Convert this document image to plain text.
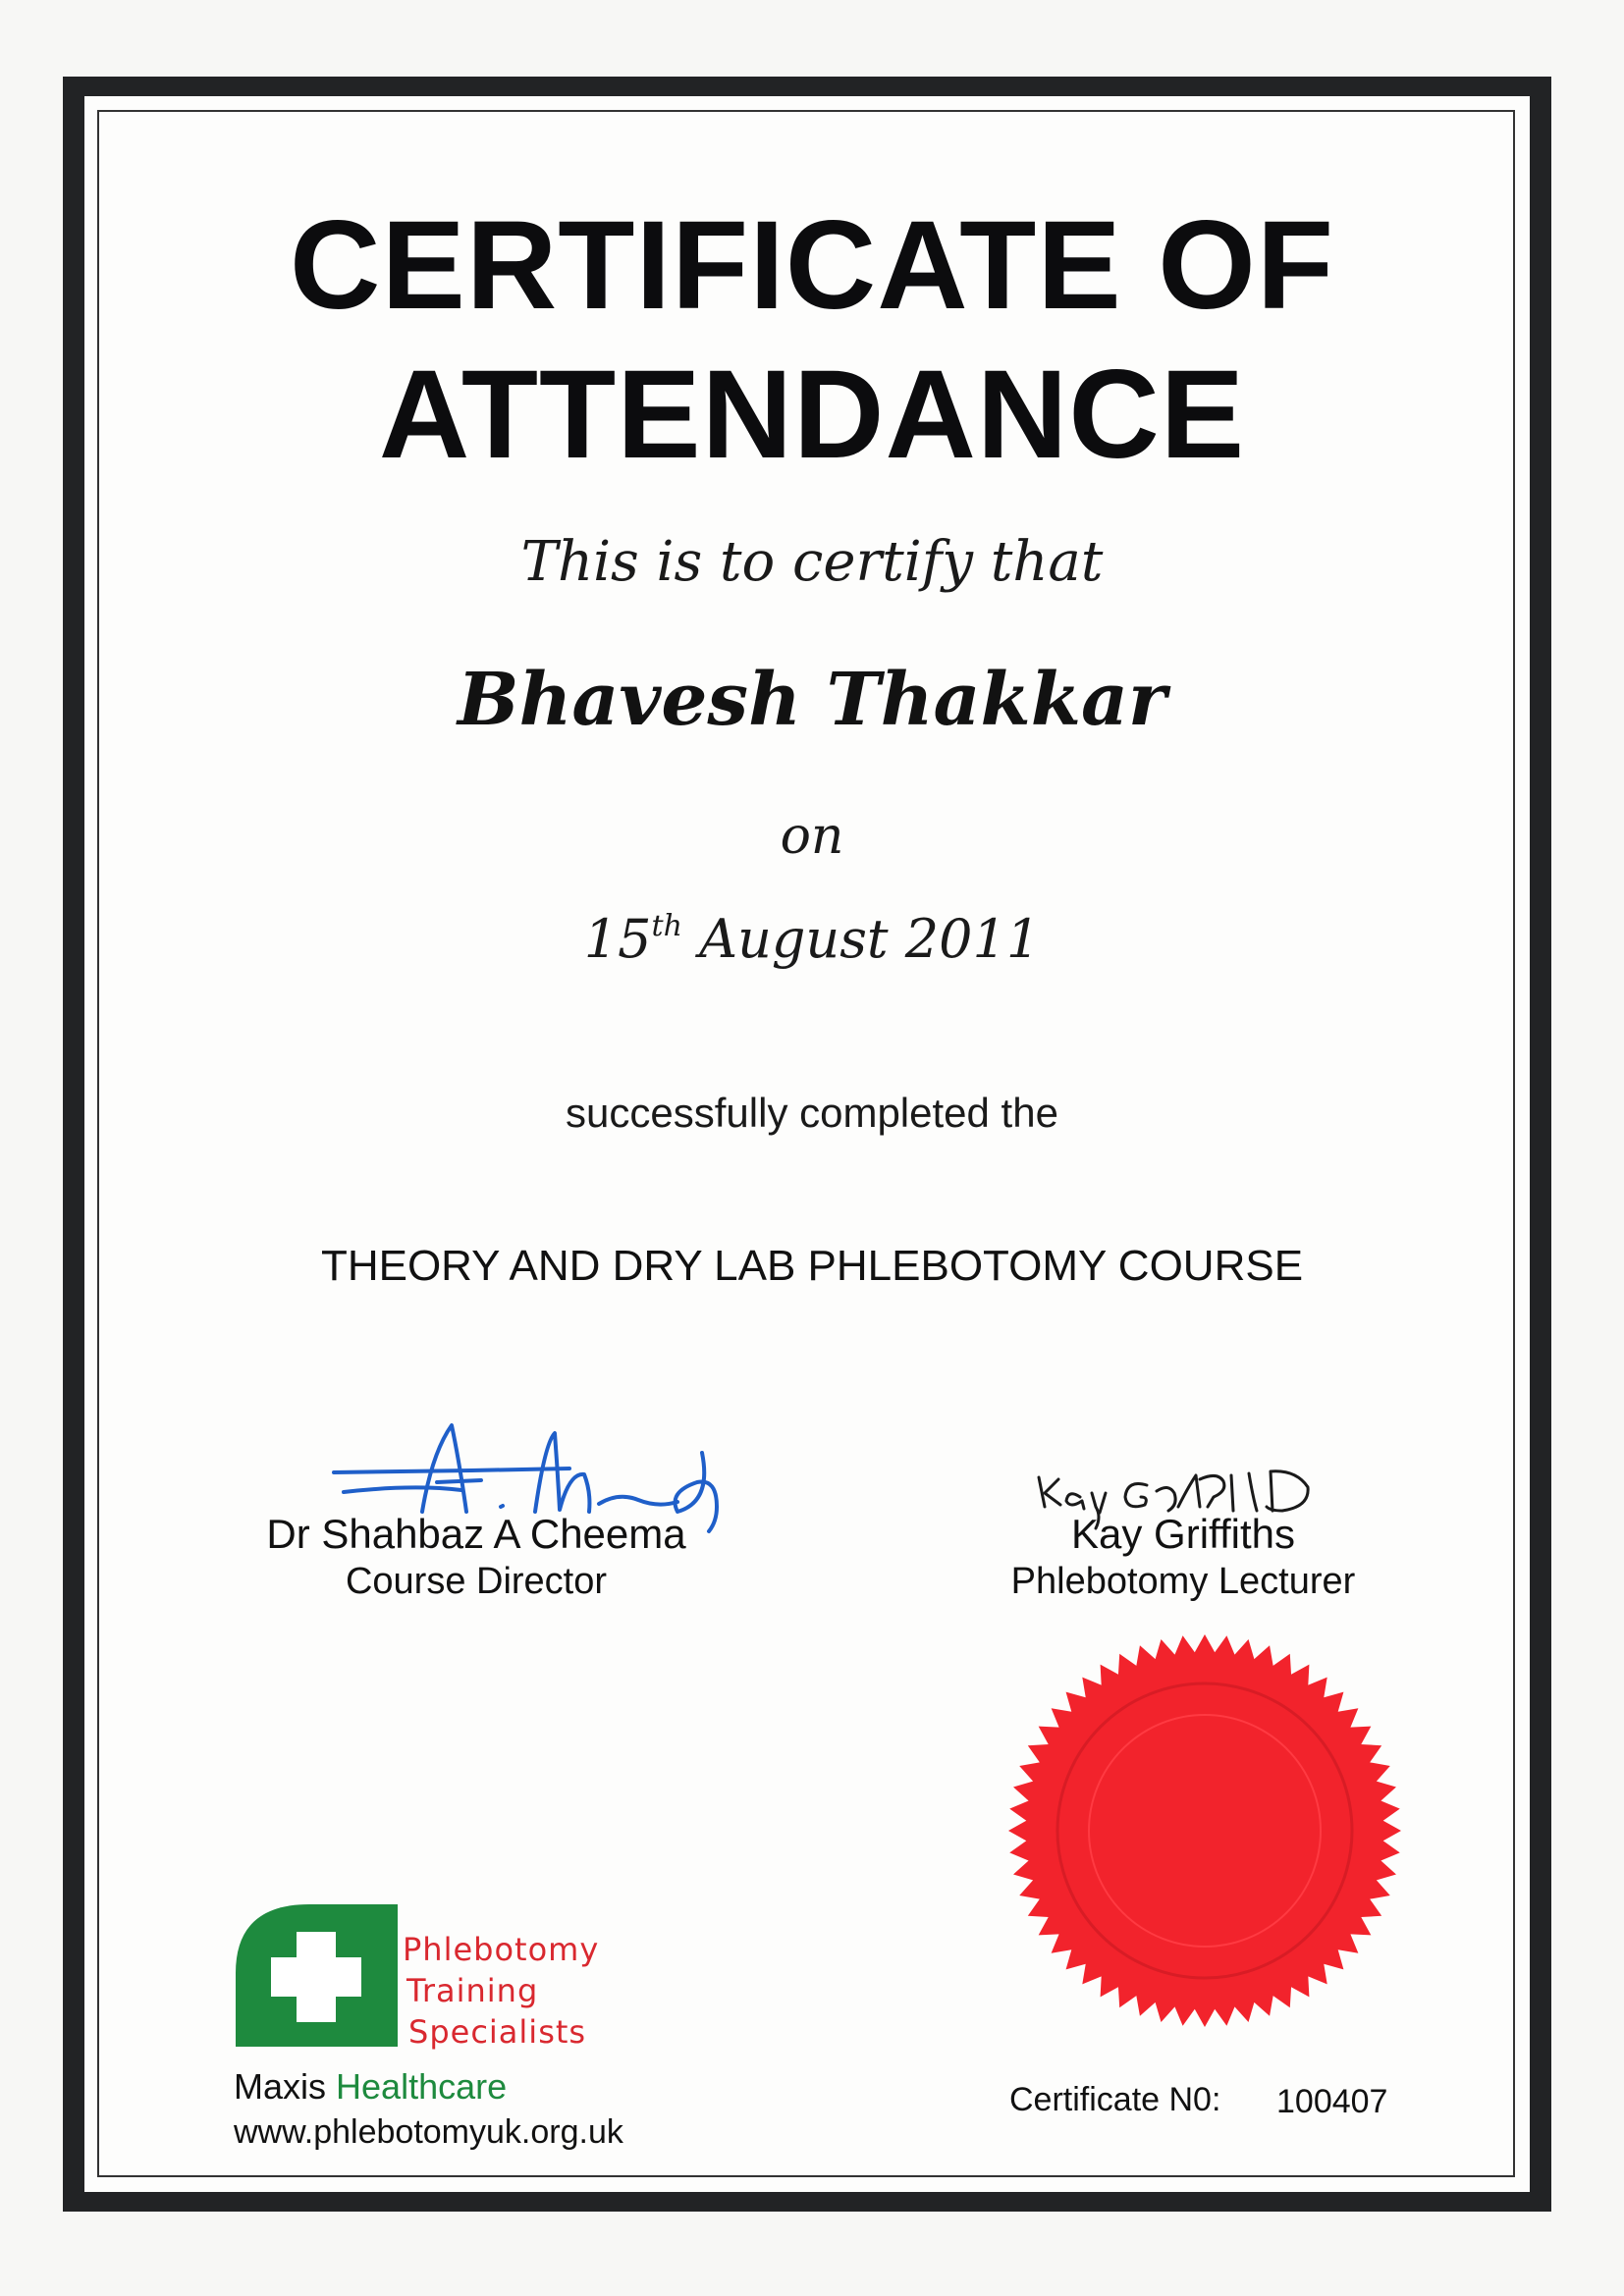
CERTIFICATE OF
ATTENDANCE
This is to certify that
Bhavesh Thakkar
on
15th August 2011
successfully completed the
THEORY AND DRY LAB PHLEBOTOMY COURSE
Dr Shahbaz A Cheema
Course Director
Kay Griffiths
Phlebotomy Lecturer
Phlebotomy
Training
Specialists
Maxis Healthcare
www.phlebotomyuk.org.uk
Certificate N0: 100407
